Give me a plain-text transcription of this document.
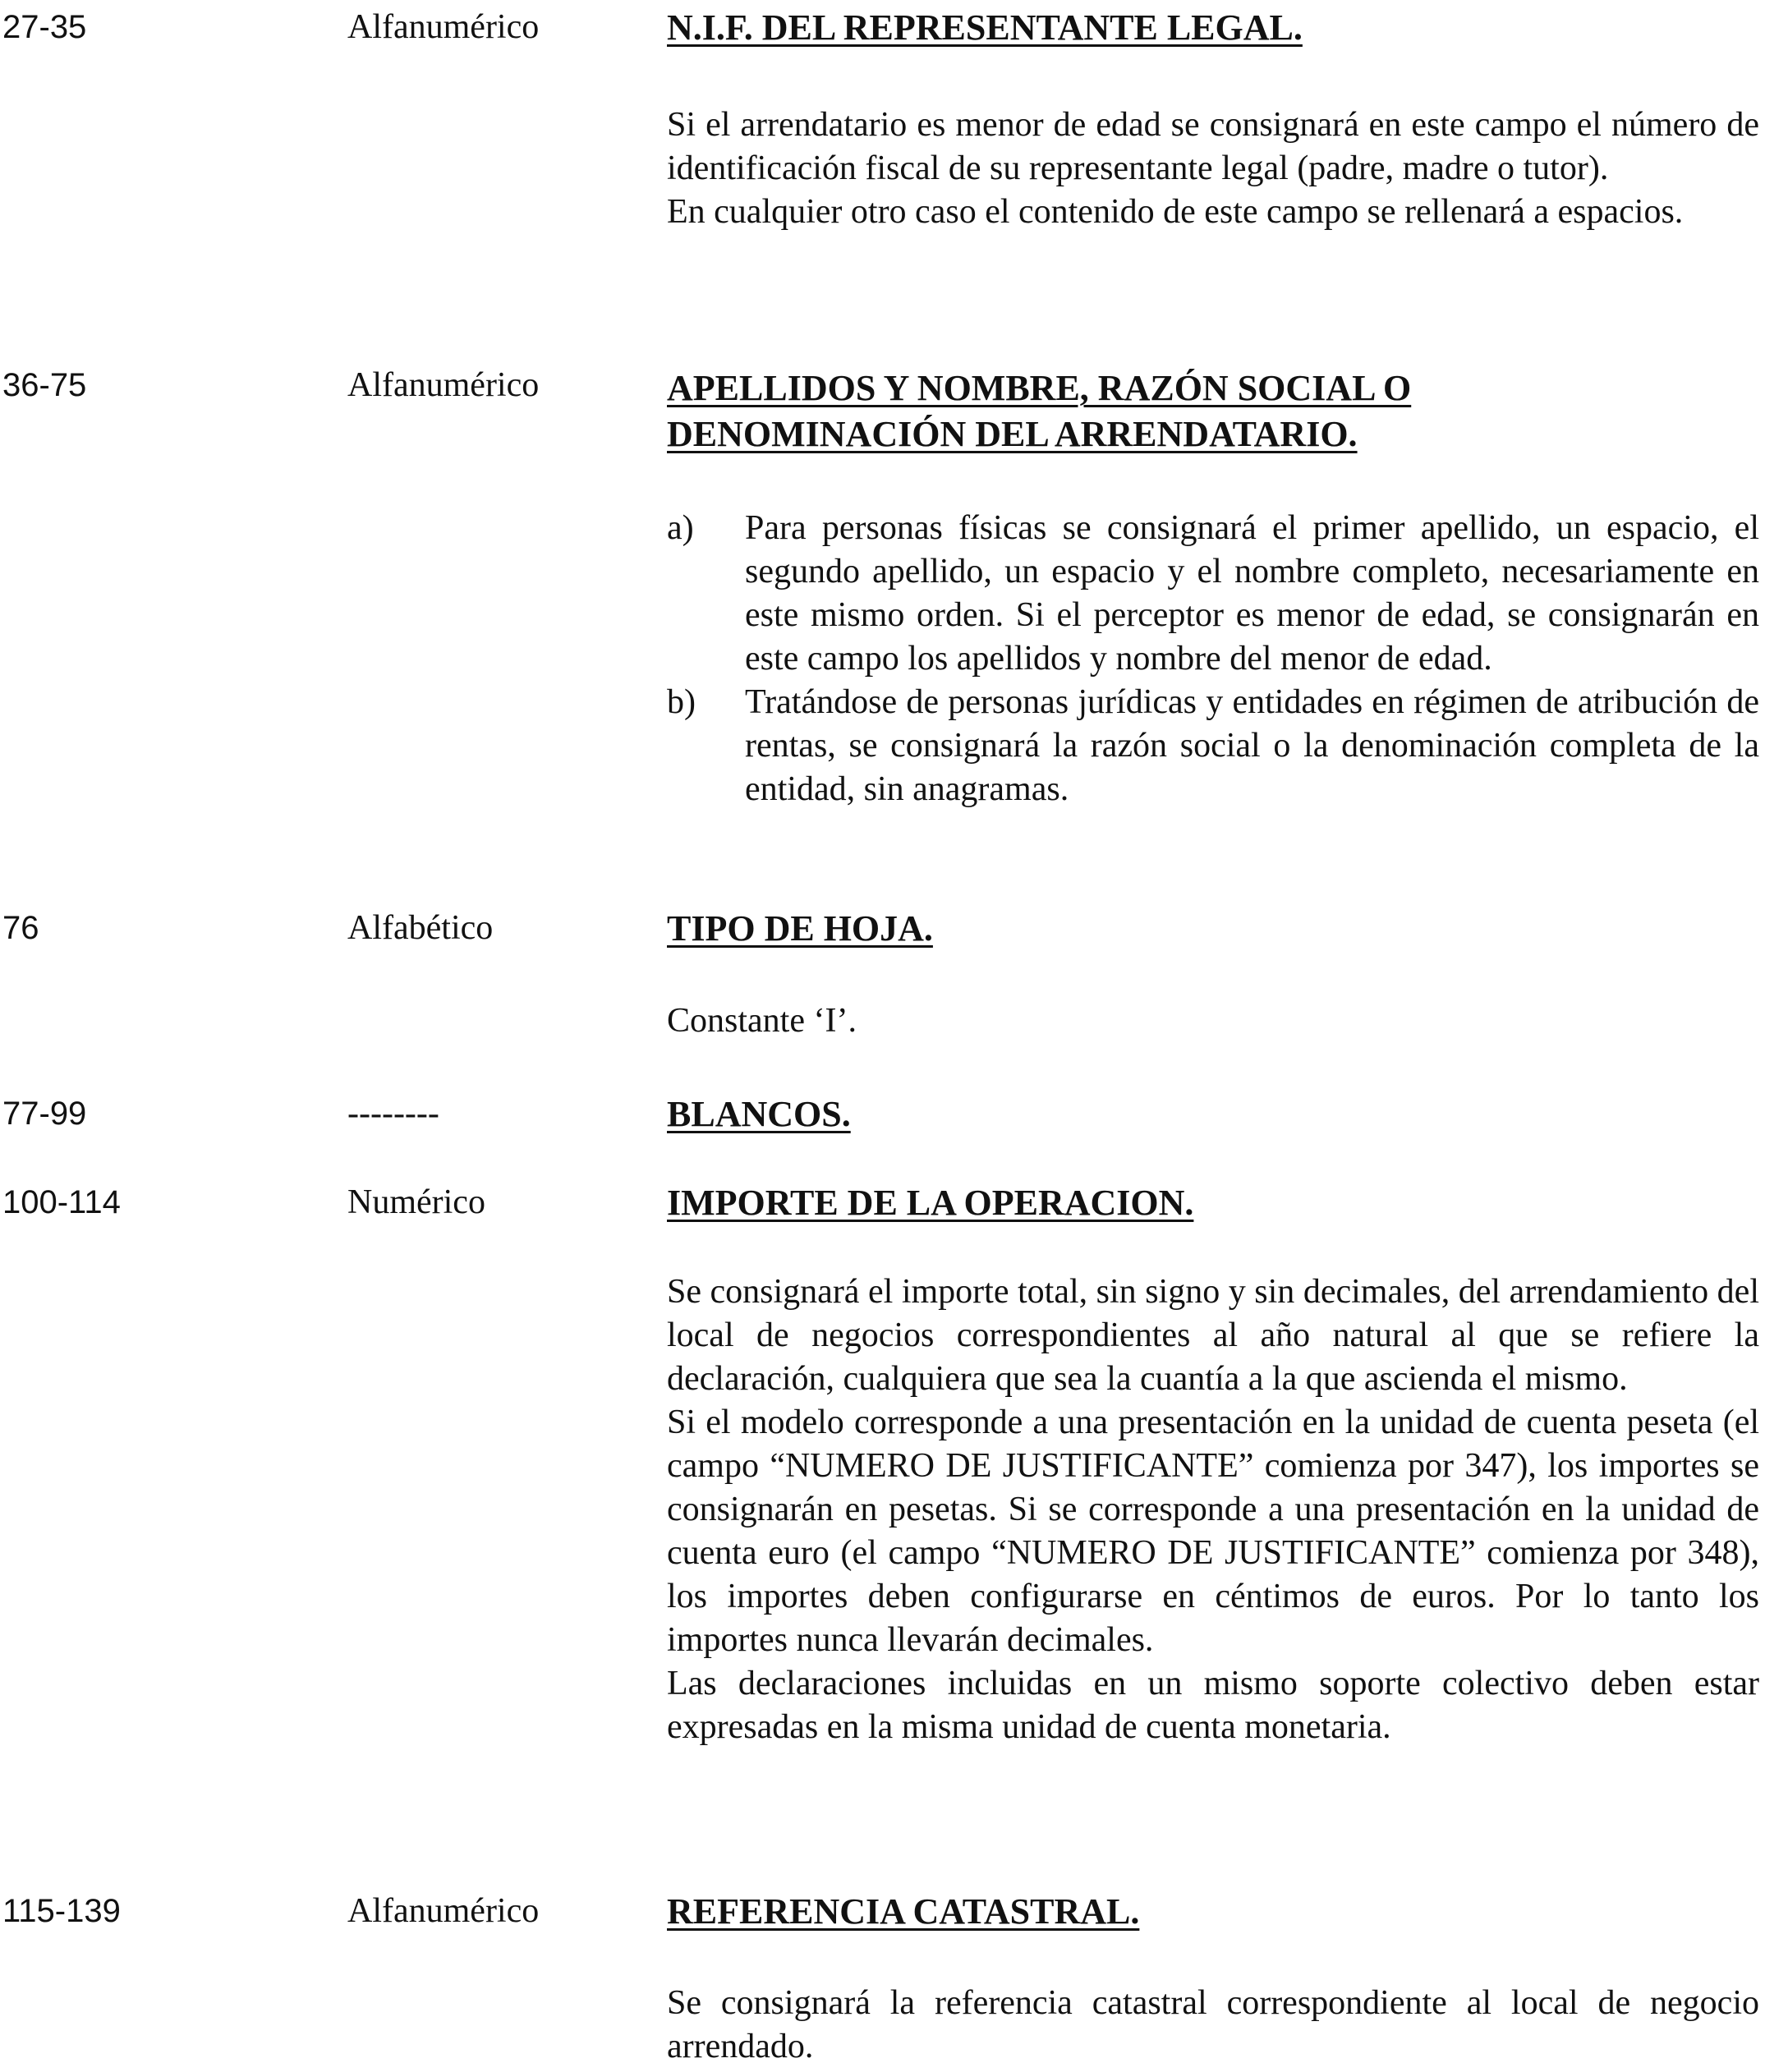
27-35	Alfanumérico	N.I.F. DEL REPRESENTANTE LEGAL.

Si el arrendatario es menor de edad se consignará en este campo el número de identificación fiscal de su representante legal (padre, madre o tutor).

En cualquier otro caso el contenido de este campo se rellenará a espacios.

36-75	Alfanumérico	APELLIDOS Y NOMBRE, RAZÓN SOCIAL O DENOMINACIÓN DEL ARRENDATARIO.
a) Para personas físicas se consignará el primer apellido, un espacio, el segundo apellido, un espacio y el nombre completo, necesariamente en este mismo orden. Si el perceptor es menor de edad, se consignarán en este campo los apellidos y nombre del menor de edad.
b) Tratándose de personas jurídicas y entidades en régimen de atribución de rentas, se consignará la razón social o la denominación completa de la entidad, sin anagramas.
76	Alfabético	TIPO DE HOJA.

Constante ‘I’.

77-99	--------	BLANCOS.
100-114	Numérico	IMPORTE DE LA OPERACION.

Se consignará el importe total, sin signo y sin decimales, del arrendamiento del local de negocios correspondientes al año natural al que se refiere la declaración, cualquiera que sea la cuantía a la que ascienda el mismo.

Si el modelo corresponde a una presentación en la unidad de cuenta peseta (el campo “NUMERO DE JUSTIFICANTE” comienza por 347), los importes se consignarán en pesetas. Si se corresponde a una presentación en la unidad de cuenta euro (el campo “NUMERO DE JUSTIFICANTE” comienza por 348), los importes deben configurarse en céntimos de euros. Por lo tanto los importes nunca llevarán decimales.

Las declaraciones incluidas en un mismo soporte colectivo deben estar expresadas en la misma unidad de cuenta monetaria.

115-139	Alfanumérico	REFERENCIA CATASTRAL.

Se consignará la referencia catastral correspondiente al local de negocio arrendado.
